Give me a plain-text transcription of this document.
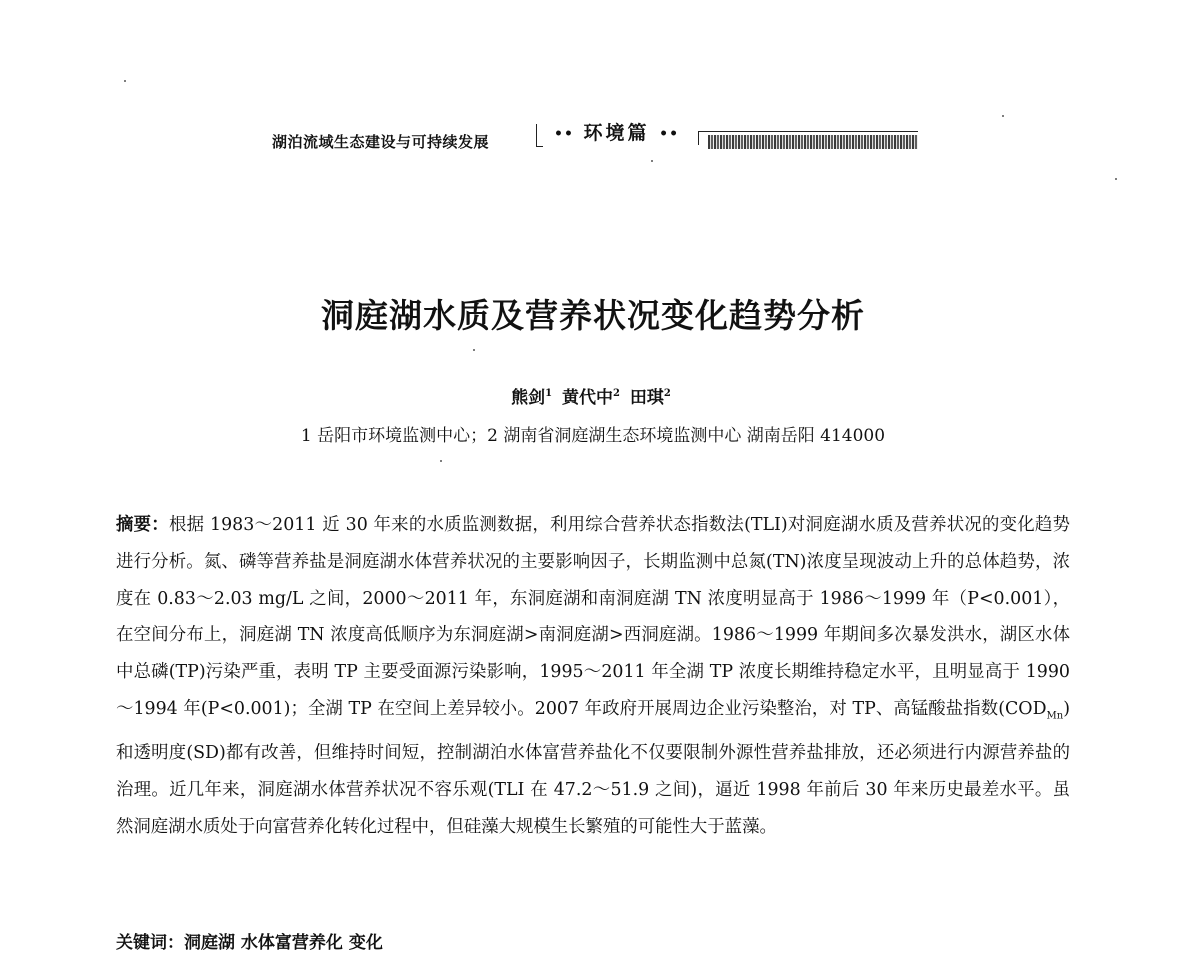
湖泊流域生态建设与可持续发展	•• 环境篇 ••
洞庭湖水质及营养状况变化趋势分析
熊剑$^1$ 黄代中$^2$ 田琪$^2$
1 岳阳市环境监测中心；2 湖南省洞庭湖生态环境监测中心 湖南岳阳 414000

摘要：根据 1983～2011 近 30 年来的水质监测数据，利用综合营养状态指数法(TLI)对洞庭湖水质及营养状况的变化趋势进行分析。氮、磷等营养盐是洞庭湖水体营养状况的主要影响因子，长期监测中总氮(TN)浓度呈现波动上升的总体趋势，浓度在 0.83～2.03 mg/L 之间，2000～2011 年，东洞庭湖和南洞庭湖 TN 浓度明显高于 1986～1999 年（P<0.001），在空间分布上，洞庭湖 TN 浓度高低顺序为东洞庭湖>南洞庭湖>西洞庭湖。1986～1999 年期间多次暴发洪水，湖区水体中总磷(TP)污染严重，表明 TP 主要受面源污染影响，1995～2011 年全湖 TP 浓度长期维持稳定水平，且明显高于 1990～1994 年(P<0.001)；全湖 TP 在空间上差异较小。2007 年政府开展周边企业污染整治，对 TP、高锰酸盐指数$(COD_{Mn})$和透明度(SD)都有改善，但维持时间短，控制湖泊水体富营养盐化不仅要限制外源性营养盐排放，还必须进行内源营养盐的治理。近几年来，洞庭湖水体营养状况不容乐观(TLI 在 47.2～51.9 之间)，逼近 1998 年前后 30 年来历史最差水平。虽然洞庭湖水质处于向富营养化转化过程中，但硅藻大规模生长繁殖的可能性大于蓝藻。

关键词：洞庭湖 水体富营养化 变化
